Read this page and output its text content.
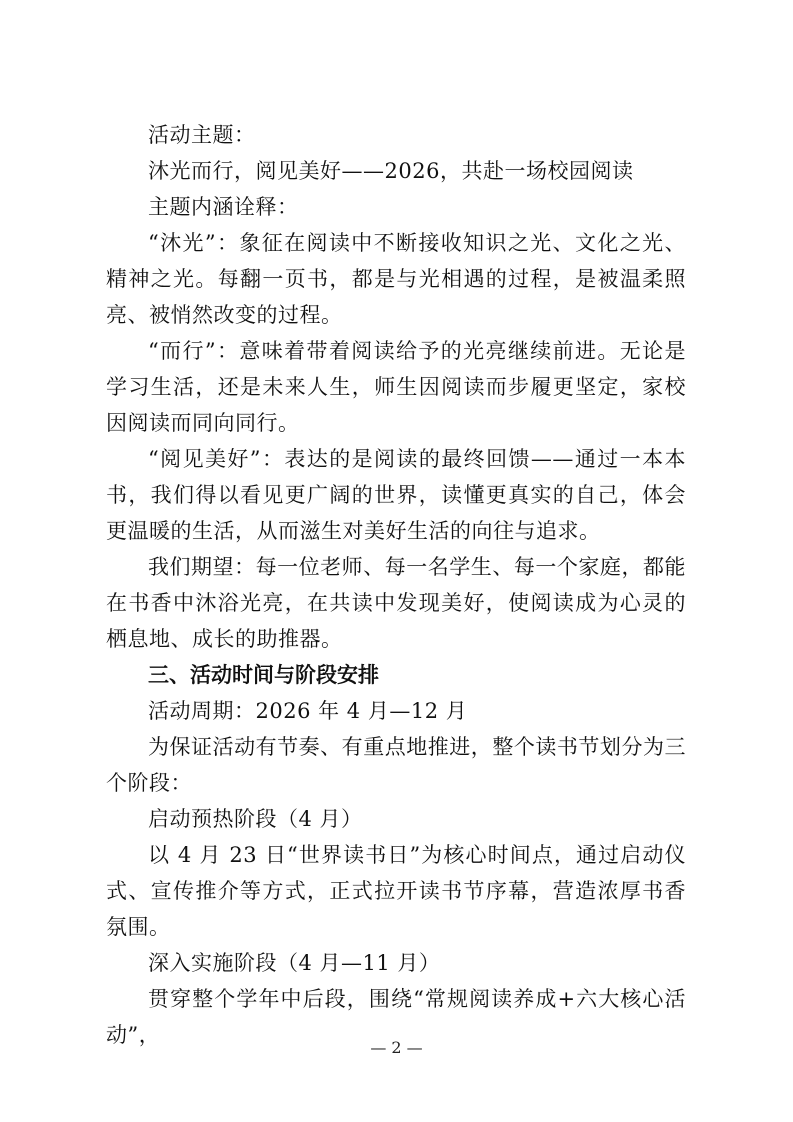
活动主题：

沐光而行，阅见美好——2026，共赴一场校园阅读

主题内涵诠释：

“沐光”：象征在阅读中不断接收知识之光、文化之光、精神之光。每翻一页书，都是与光相遇的过程，是被温柔照亮、被悄然改变的过程。

“而行”：意味着带着阅读给予的光亮继续前进。无论是学习生活，还是未来人生，师生因阅读而步履更坚定，家校因阅读而同向同行。

“阅见美好”：表达的是阅读的最终回馈——通过一本本书，我们得以看见更广阔的世界，读懂更真实的自己，体会更温暖的生活，从而滋生对美好生活的向往与追求。

我们期望：每一位老师、每一名学生、每一个家庭，都能在书香中沐浴光亮，在共读中发现美好，使阅读成为心灵的栖息地、成长的助推器。

三、活动时间与阶段安排

活动周期：2026 年 4 月—12 月

为保证活动有节奏、有重点地推进，整个读书节划分为三个阶段：

启动预热阶段（4 月）

以 4 月 23 日“世界读书日”为核心时间点，通过启动仪式、宣传推介等方式，正式拉开读书节序幕，营造浓厚书香氛围。

深入实施阶段（4 月—11 月）

贯穿整个学年中后段，围绕“常规阅读养成+六大核心活动”，

— 2 —
